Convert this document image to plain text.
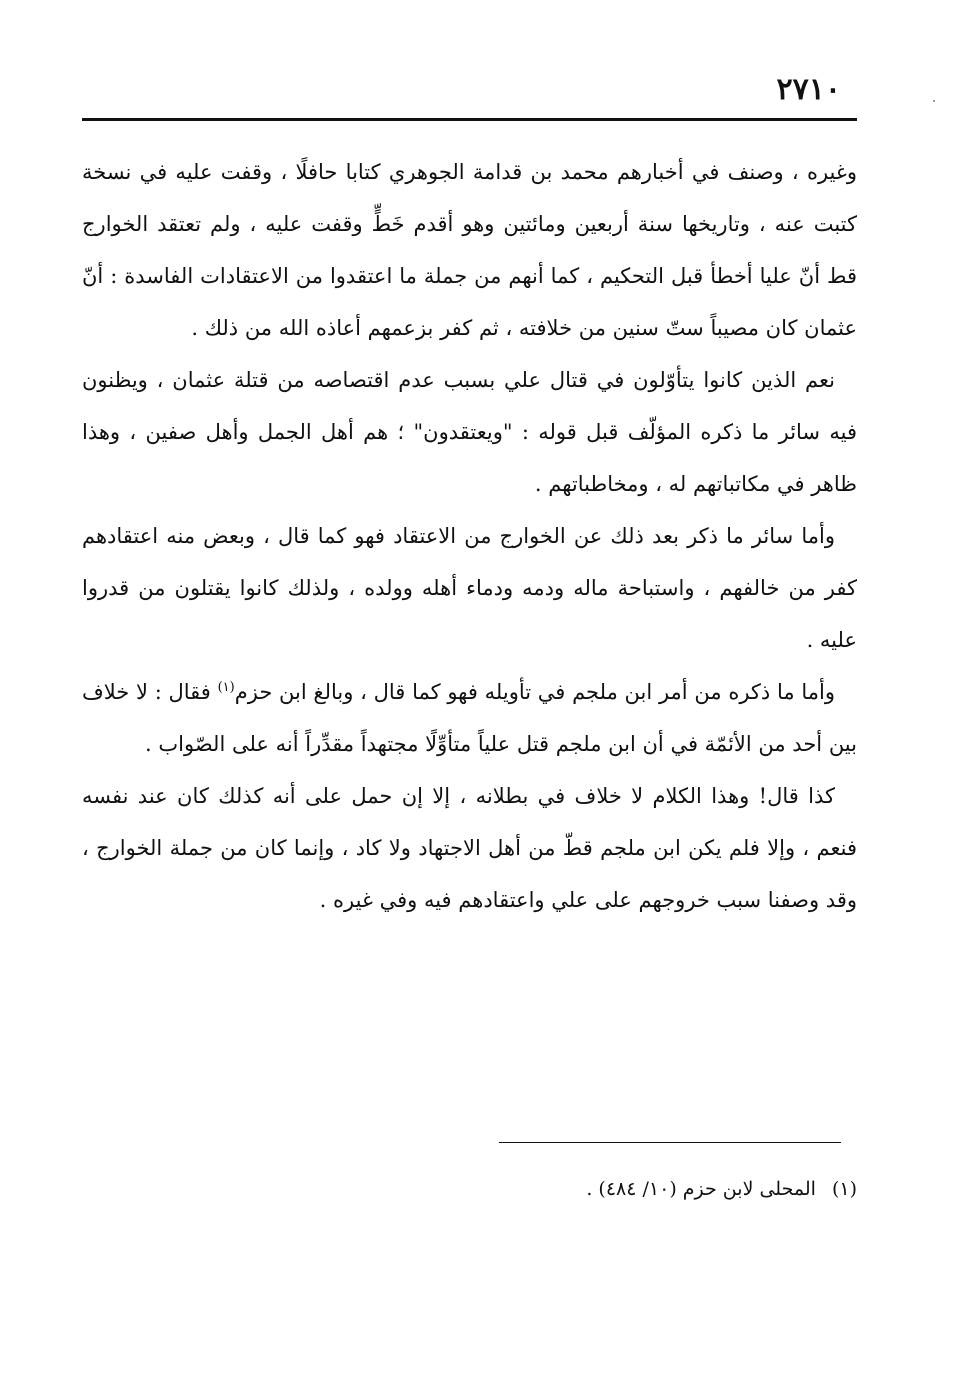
٢٧١٠

وغيره ، وصنف في أخبارهم محمد بن قدامة الجوهري كتابا حافلًا ، وقفت عليه في نسخة كتبت عنه ، وتاريخها سنة أربعين ومائتين وهو أقدم خَطٍّ وقفت عليه ، ولم تعتقد الخوارج قط أنّ عليا أخطأ قبل التحكيم ، كما أنهم من جملة ما اعتقدوا من الاعتقادات الفاسدة : أنّ عثمان كان مصيباً ستّ سنين من خلافته ، ثم كفر بزعمهم أعاذه الله من ذلك .

نعم الذين كانوا يتأوّلون في قتال علي بسبب عدم اقتصاصه من قتلة عثمان ، ويظنون فيه سائر ما ذكره المؤلّف قبل قوله : "ويعتقدون" ؛ هم أهل الجمل وأهل صفين ، وهذا ظاهر في مكاتباتهم له ، ومخاطباتهم .

وأما سائر ما ذكر بعد ذلك عن الخوارج من الاعتقاد فهو كما قال ، وبعض منه اعتقادهم كفر من خالفهم ، واستباحة ماله ودمه ودماء أهله وولده ، ولذلك كانوا يقتلون من قدروا عليه .

وأما ما ذكره من أمر ابن ملجم في تأويله فهو كما قال ، وبالغ ابن حزم$^{(١)}$ فقال : لا خلاف بين أحد من الأئمّة في أن ابن ملجم قتل علياً متأوِّلًا مجتهداً مقدِّراً أنه على الصّواب .

كذا قال! وهذا الكلام لا خلاف في بطلانه ، إلا إن حمل على أنه كذلك كان عند نفسه فنعم ، وإلا فلم يكن ابن ملجم قطّ من أهل الاجتهاد ولا كاد ، وإنما كان من جملة الخوارج ، وقد وصفنا سبب خروجهم على علي واعتقادهم فيه وفي غيره .

(١) المحلى لابن حزم (١٠/ ٤٨٤) .
